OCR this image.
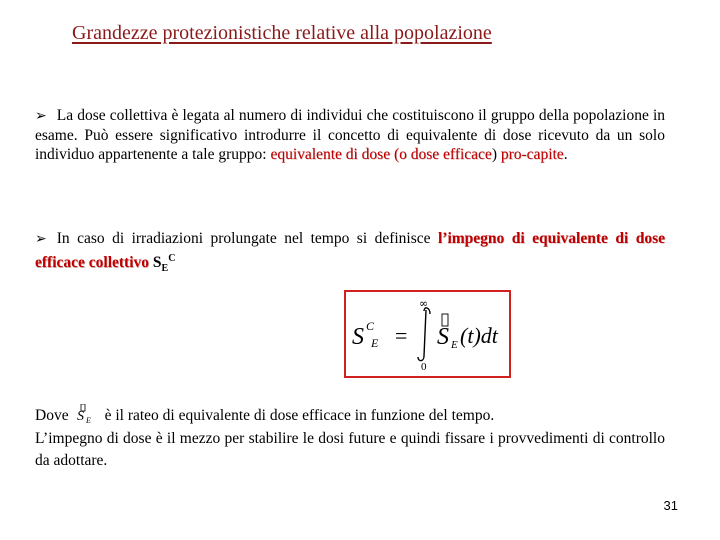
Grandezze protezionistiche relative alla popolazione

➢ La dose collettiva è legata al numero di individui che costituiscono il gruppo della popolazione in esame. Può essere significativo introdurre il concetto di equivalente di dose ricevuto da un solo individuo appartenente a tale gruppo: equivalente di dose (o dose efficace) pro-capite.

➢ In caso di irradiazioni prolungate nel tempo si definisce l’impegno di equivalente di dose efficace collettivo $S_E^C$

S C
E =
∞
0
S E (t)dt
Dove S E è il rateo di equivalente di dose efficace in funzione del tempo.
L’impegno di dose è il mezzo per stabilire le dosi future e quindi fissare i provvedimenti di controllo da adottare.
31
